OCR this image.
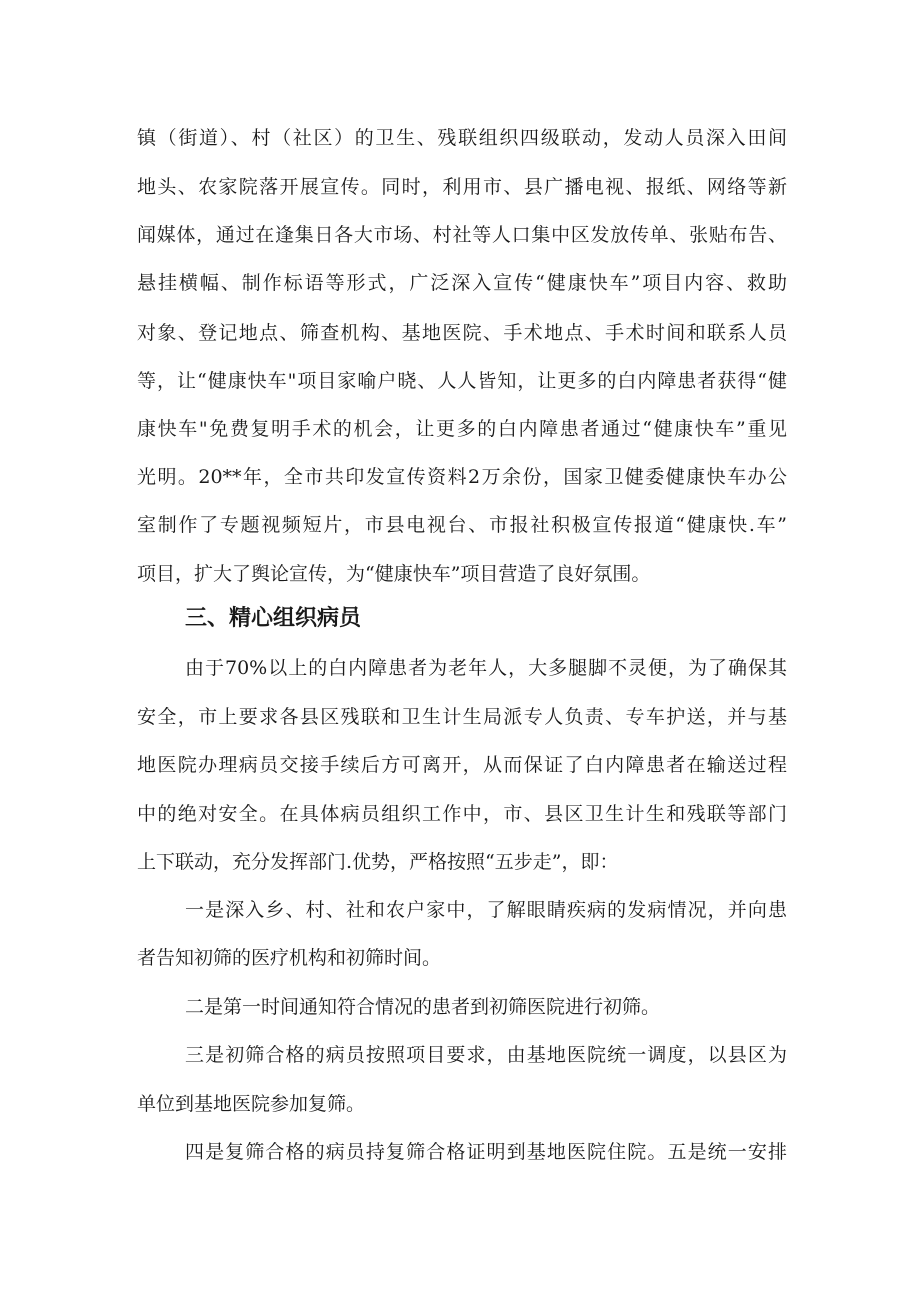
镇（街道）、村（社区）的卫生、残联组织四级联动，发动人员深入田间
地头、农家院落开展宣传。同时，利用市、县广播电视、报纸、网络等新
闻媒体，通过在逢集日各大市场、村社等人口集中区发放传单、张贴布告、
悬挂横幅、制作标语等形式，广泛深入宣传“健康快车”项目内容、救助
对象、登记地点、筛查机构、基地医院、手术地点、手术时间和联系人员
等，让“健康快车"项目家喻户晓、人人皆知，让更多的白内障患者获得“健
康快车"免费复明手术的机会，让更多的白内障患者通过“健康快车”重见
光明。20**年，全市共印发宣传资料2万余份，国家卫健委健康快车办公
室制作了专题视频短片，市县电视台、市报社积极宣传报道“健康快.车”
项目，扩大了舆论宣传，为“健康快车”项目营造了良好氛围。
三、精心组织病员
由于70%以上的白内障患者为老年人，大多腿脚不灵便，为了确保其
安全，市上要求各县区残联和卫生计生局派专人负责、专车护送，并与基
地医院办理病员交接手续后方可离开，从而保证了白内障患者在输送过程
中的绝对安全。在具体病员组织工作中，市、县区卫生计生和残联等部门
上下联动，充分发挥部门.优势，严格按照“五步走”，即：
一是深入乡、村、社和农户家中，了解眼睛疾病的发病情况，并向患
者告知初筛的医疗机构和初筛时间。
二是第一时间通知符合情况的患者到初筛医院进行初筛。
三是初筛合格的病员按照项目要求，由基地医院统一调度，以县区为
单位到基地医院参加复筛。
四是复筛合格的病员持复筛合格证明到基地医院住院。五是统一安排
